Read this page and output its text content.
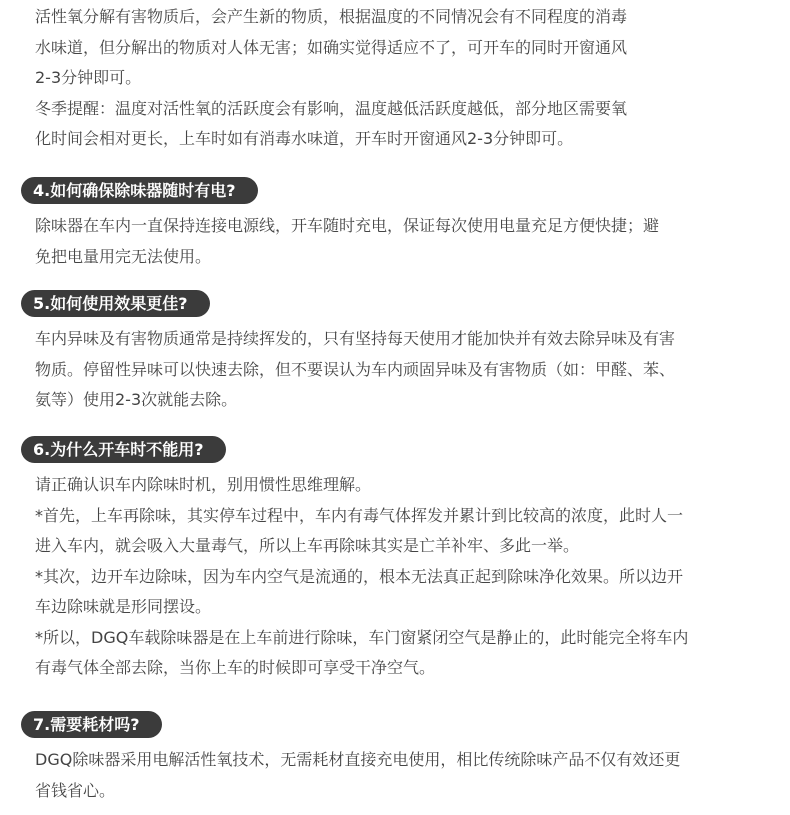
活性氧分解有害物质后，会产生新的物质，根据温度的不同情况会有不同程度的消毒
水味道，但分解出的物质对人体无害；如确实觉得适应不了，可开车的同时开窗通风
2-3分钟即可。
冬季提醒：温度对活性氧的活跃度会有影响，温度越低活跃度越低，部分地区需要氧
化时间会相对更长，上车时如有消毒水味道，开车时开窗通风2-3分钟即可。
4.如何确保除味器随时有电?
除味器在车内一直保持连接电源线，开车随时充电，保证每次使用电量充足方便快捷；避
免把电量用完无法使用。
5.如何使用效果更佳?
车内异味及有害物质通常是持续挥发的，只有坚持每天使用才能加快并有效去除异味及有害
物质。停留性异味可以快速去除，但不要误认为车内顽固异味及有害物质（如：甲醛、苯、
氨等）使用2-3次就能去除。
6.为什么开车时不能用?
请正确认识车内除味时机，别用惯性思维理解。
*首先，上车再除味，其实停车过程中，车内有毒气体挥发并累计到比较高的浓度，此时人一
进入车内，就会吸入大量毒气，所以上车再除味其实是亡羊补牢、多此一举。
*其次，边开车边除味，因为车内空气是流通的，根本无法真正起到除味净化效果。所以边开
车边除味就是形同摆设。
*所以，DGQ车载除味器是在上车前进行除味，车门窗紧闭空气是静止的，此时能完全将车内
有毒气体全部去除，当你上车的时候即可享受干净空气。
7.需要耗材吗?
DGQ除味器采用电解活性氧技术，无需耗材直接充电使用，相比传统除味产品不仅有效还更
省钱省心。
